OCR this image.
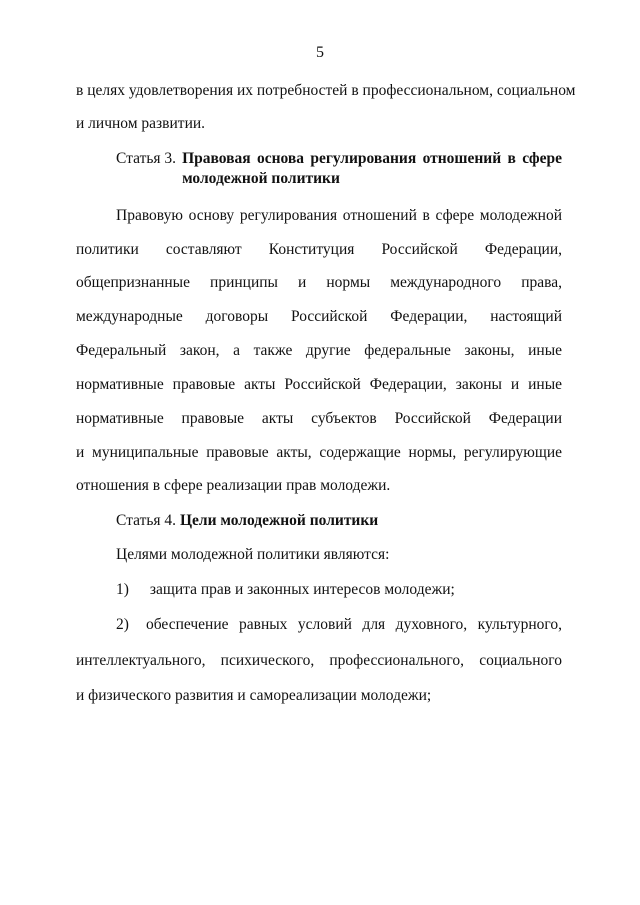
5
в целях удовлетворения их потребностей в профессиональном, социальном
и личном развитии.
Статья 3. Правовая основа регулирования отношений в сфере
молодежной политики
Правовую основу регулирования отношений в сфере молодежной
политики составляют Конституция Российской Федерации,
общепризнанные принципы и нормы международного права,
международные договоры Российской Федерации, настоящий
Федеральный закон, а также другие федеральные законы, иные
нормативные правовые акты Российской Федерации, законы и иные
нормативные правовые акты субъектов Российской Федерации
и муниципальные правовые акты, содержащие нормы, регулирующие
отношения в сфере реализации прав молодежи.
Статья 4. Цели молодежной политики
Целями молодежной политики являются:
1) защита прав и законных интересов молодежи;
2)	обеспечение равных условий для духовного, культурного,
интеллектуального, психического, профессионального, социального
и физического развития и самореализации молодежи;
